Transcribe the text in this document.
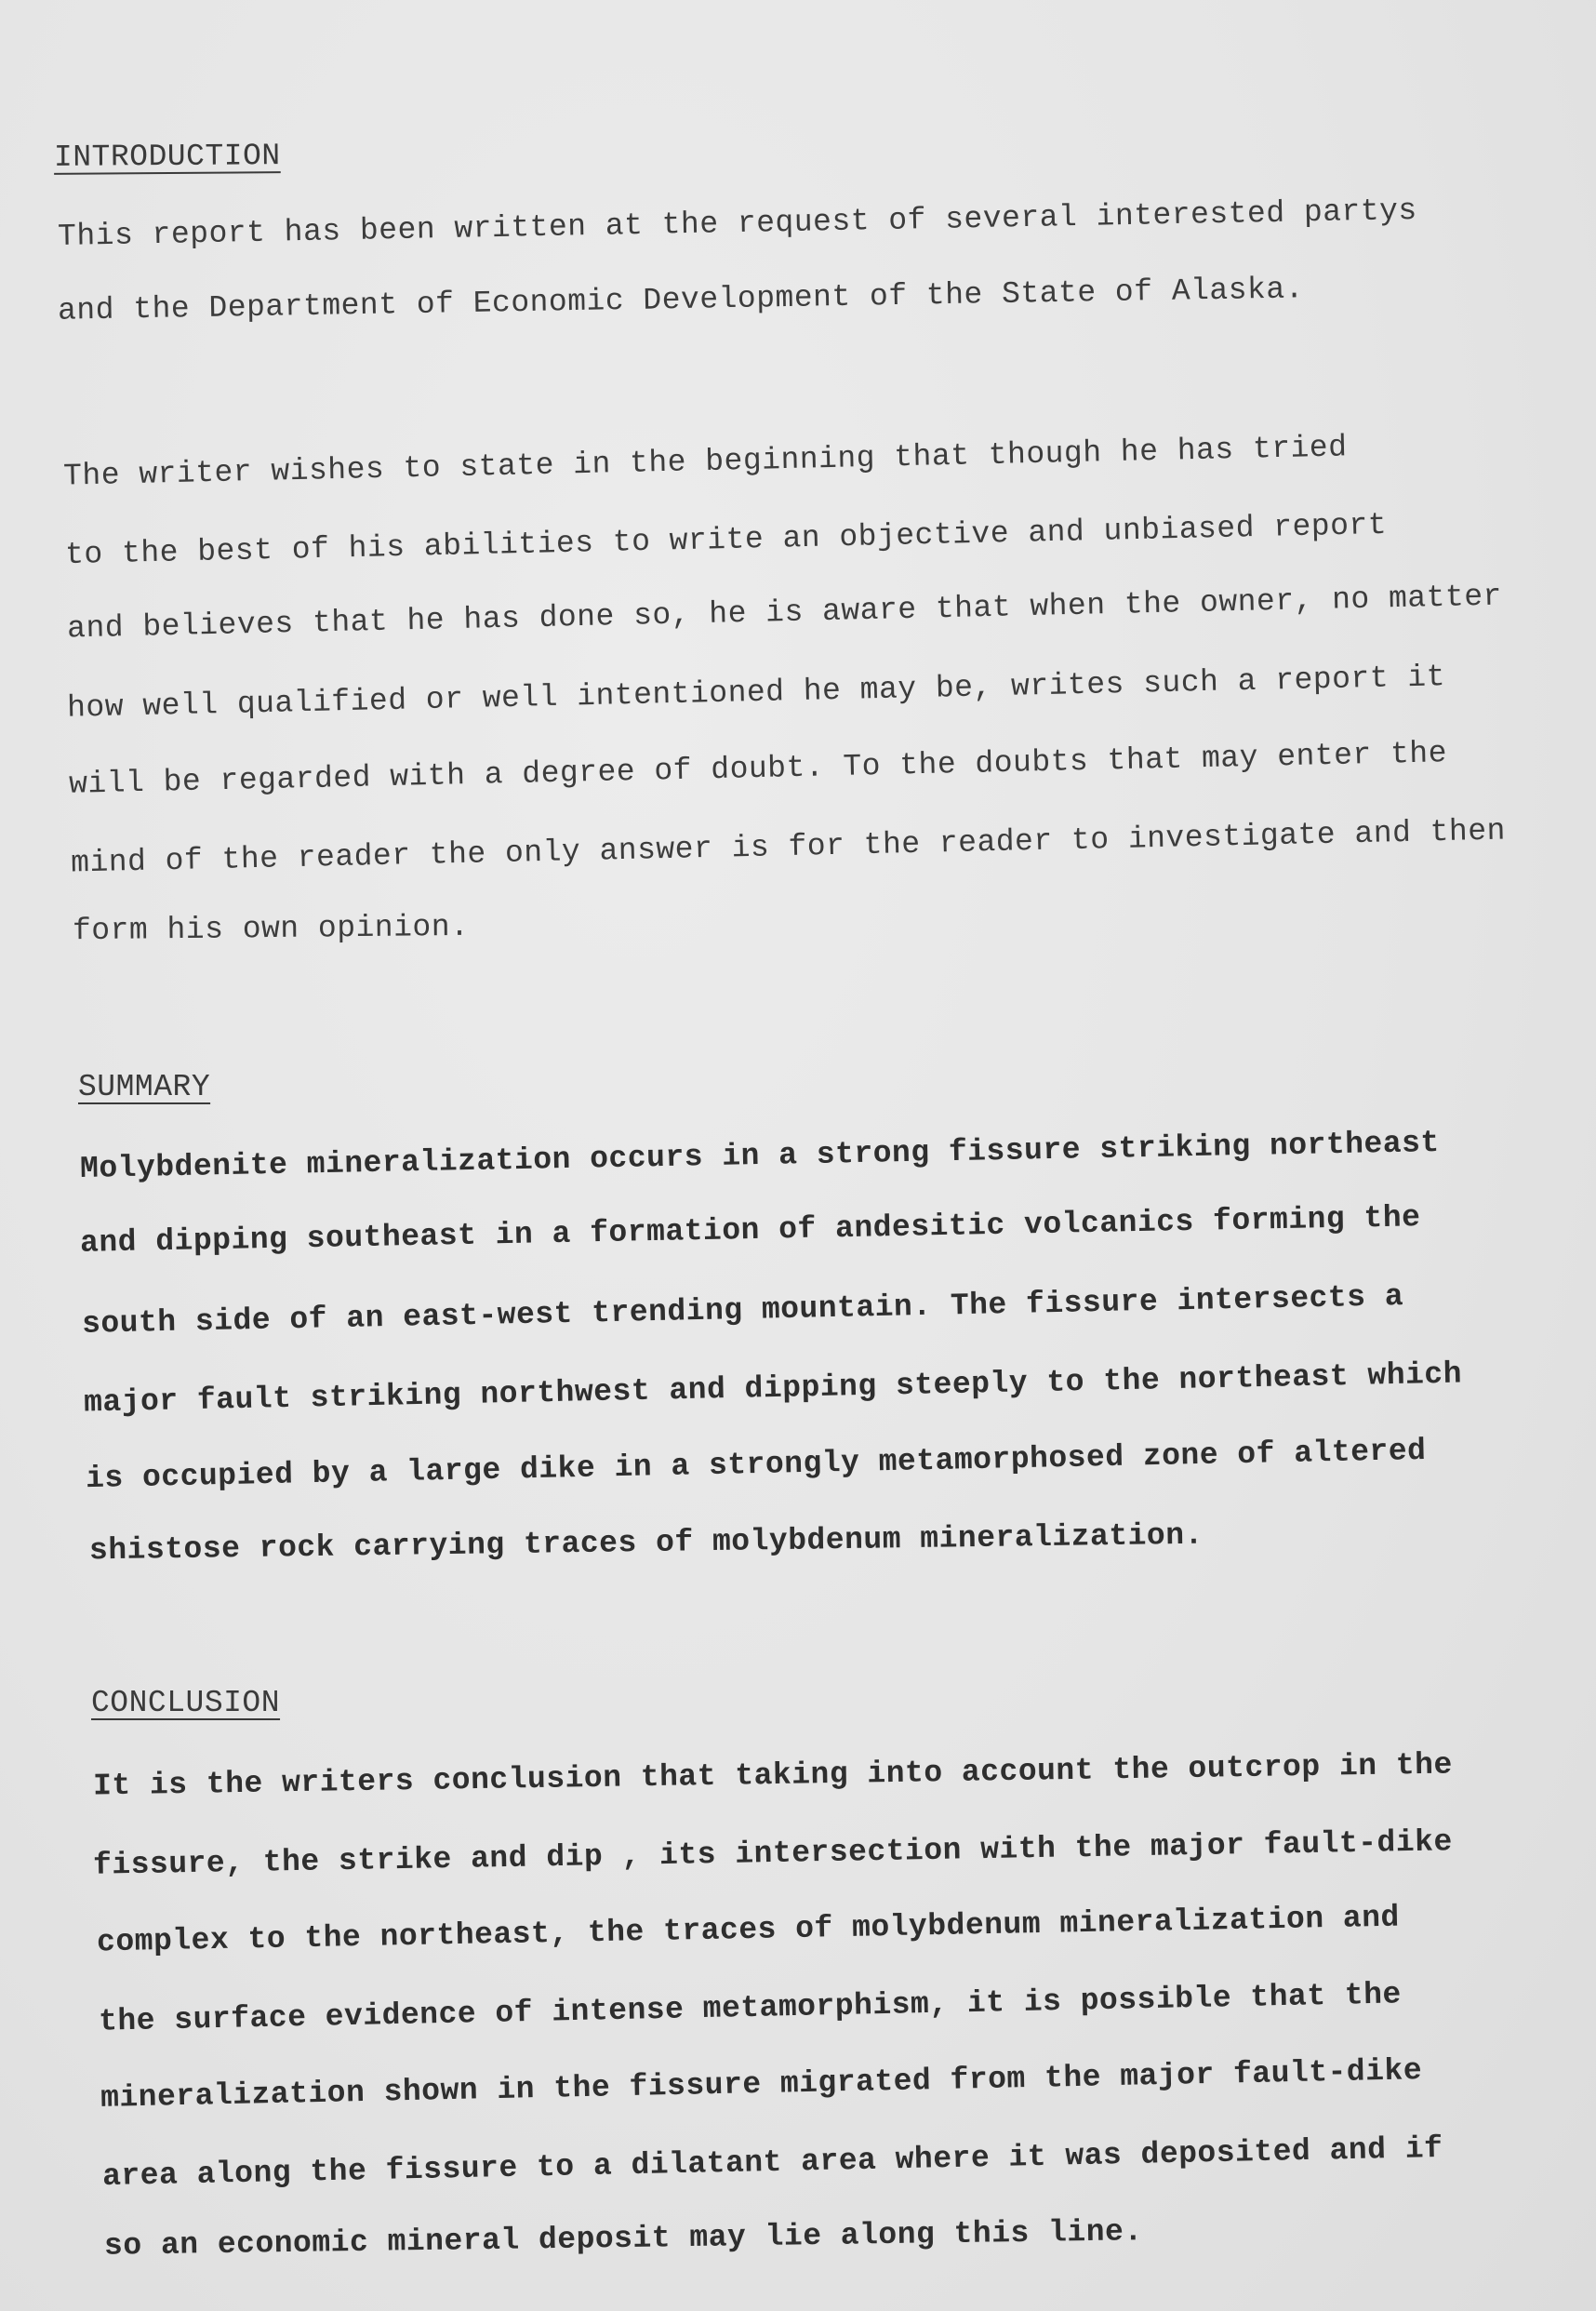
INTRODUCTION

This report has been written at the request of several interested partys

and the Department of Economic Development of the State of Alaska.

The writer wishes to state in the beginning that though he has tried

to the best of his abilities to write an objective and unbiased report

and believes that he has done so, he is aware that when the owner, no matter

how well qualified or well intentioned he may be, writes such a report it

will be regarded with a degree of doubt. To the doubts that may enter the

mind of the reader the only answer is for the reader to investigate and then

form his own opinion.

SUMMARY

Molybdenite mineralization occurs in a strong fissure striking northeast

and dipping southeast in a formation of andesitic volcanics forming the

south side of an east-west trending mountain. The fissure intersects a

major fault striking northwest and dipping steeply to the northeast which

is occupied by a large dike in a strongly metamorphosed zone of altered

shistose rock carrying traces of molybdenum mineralization.

CONCLUSION

It is the writers conclusion that taking into account the outcrop in the

fissure, the strike and dip , its intersection with the major fault-dike

complex to the northeast, the traces of molybdenum mineralization and

the surface evidence of intense metamorphism, it is possible that the

mineralization shown in the fissure migrated from the major fault-dike

area along the fissure to a dilatant area where it was deposited and if

so an economic mineral deposit may lie along this line.
